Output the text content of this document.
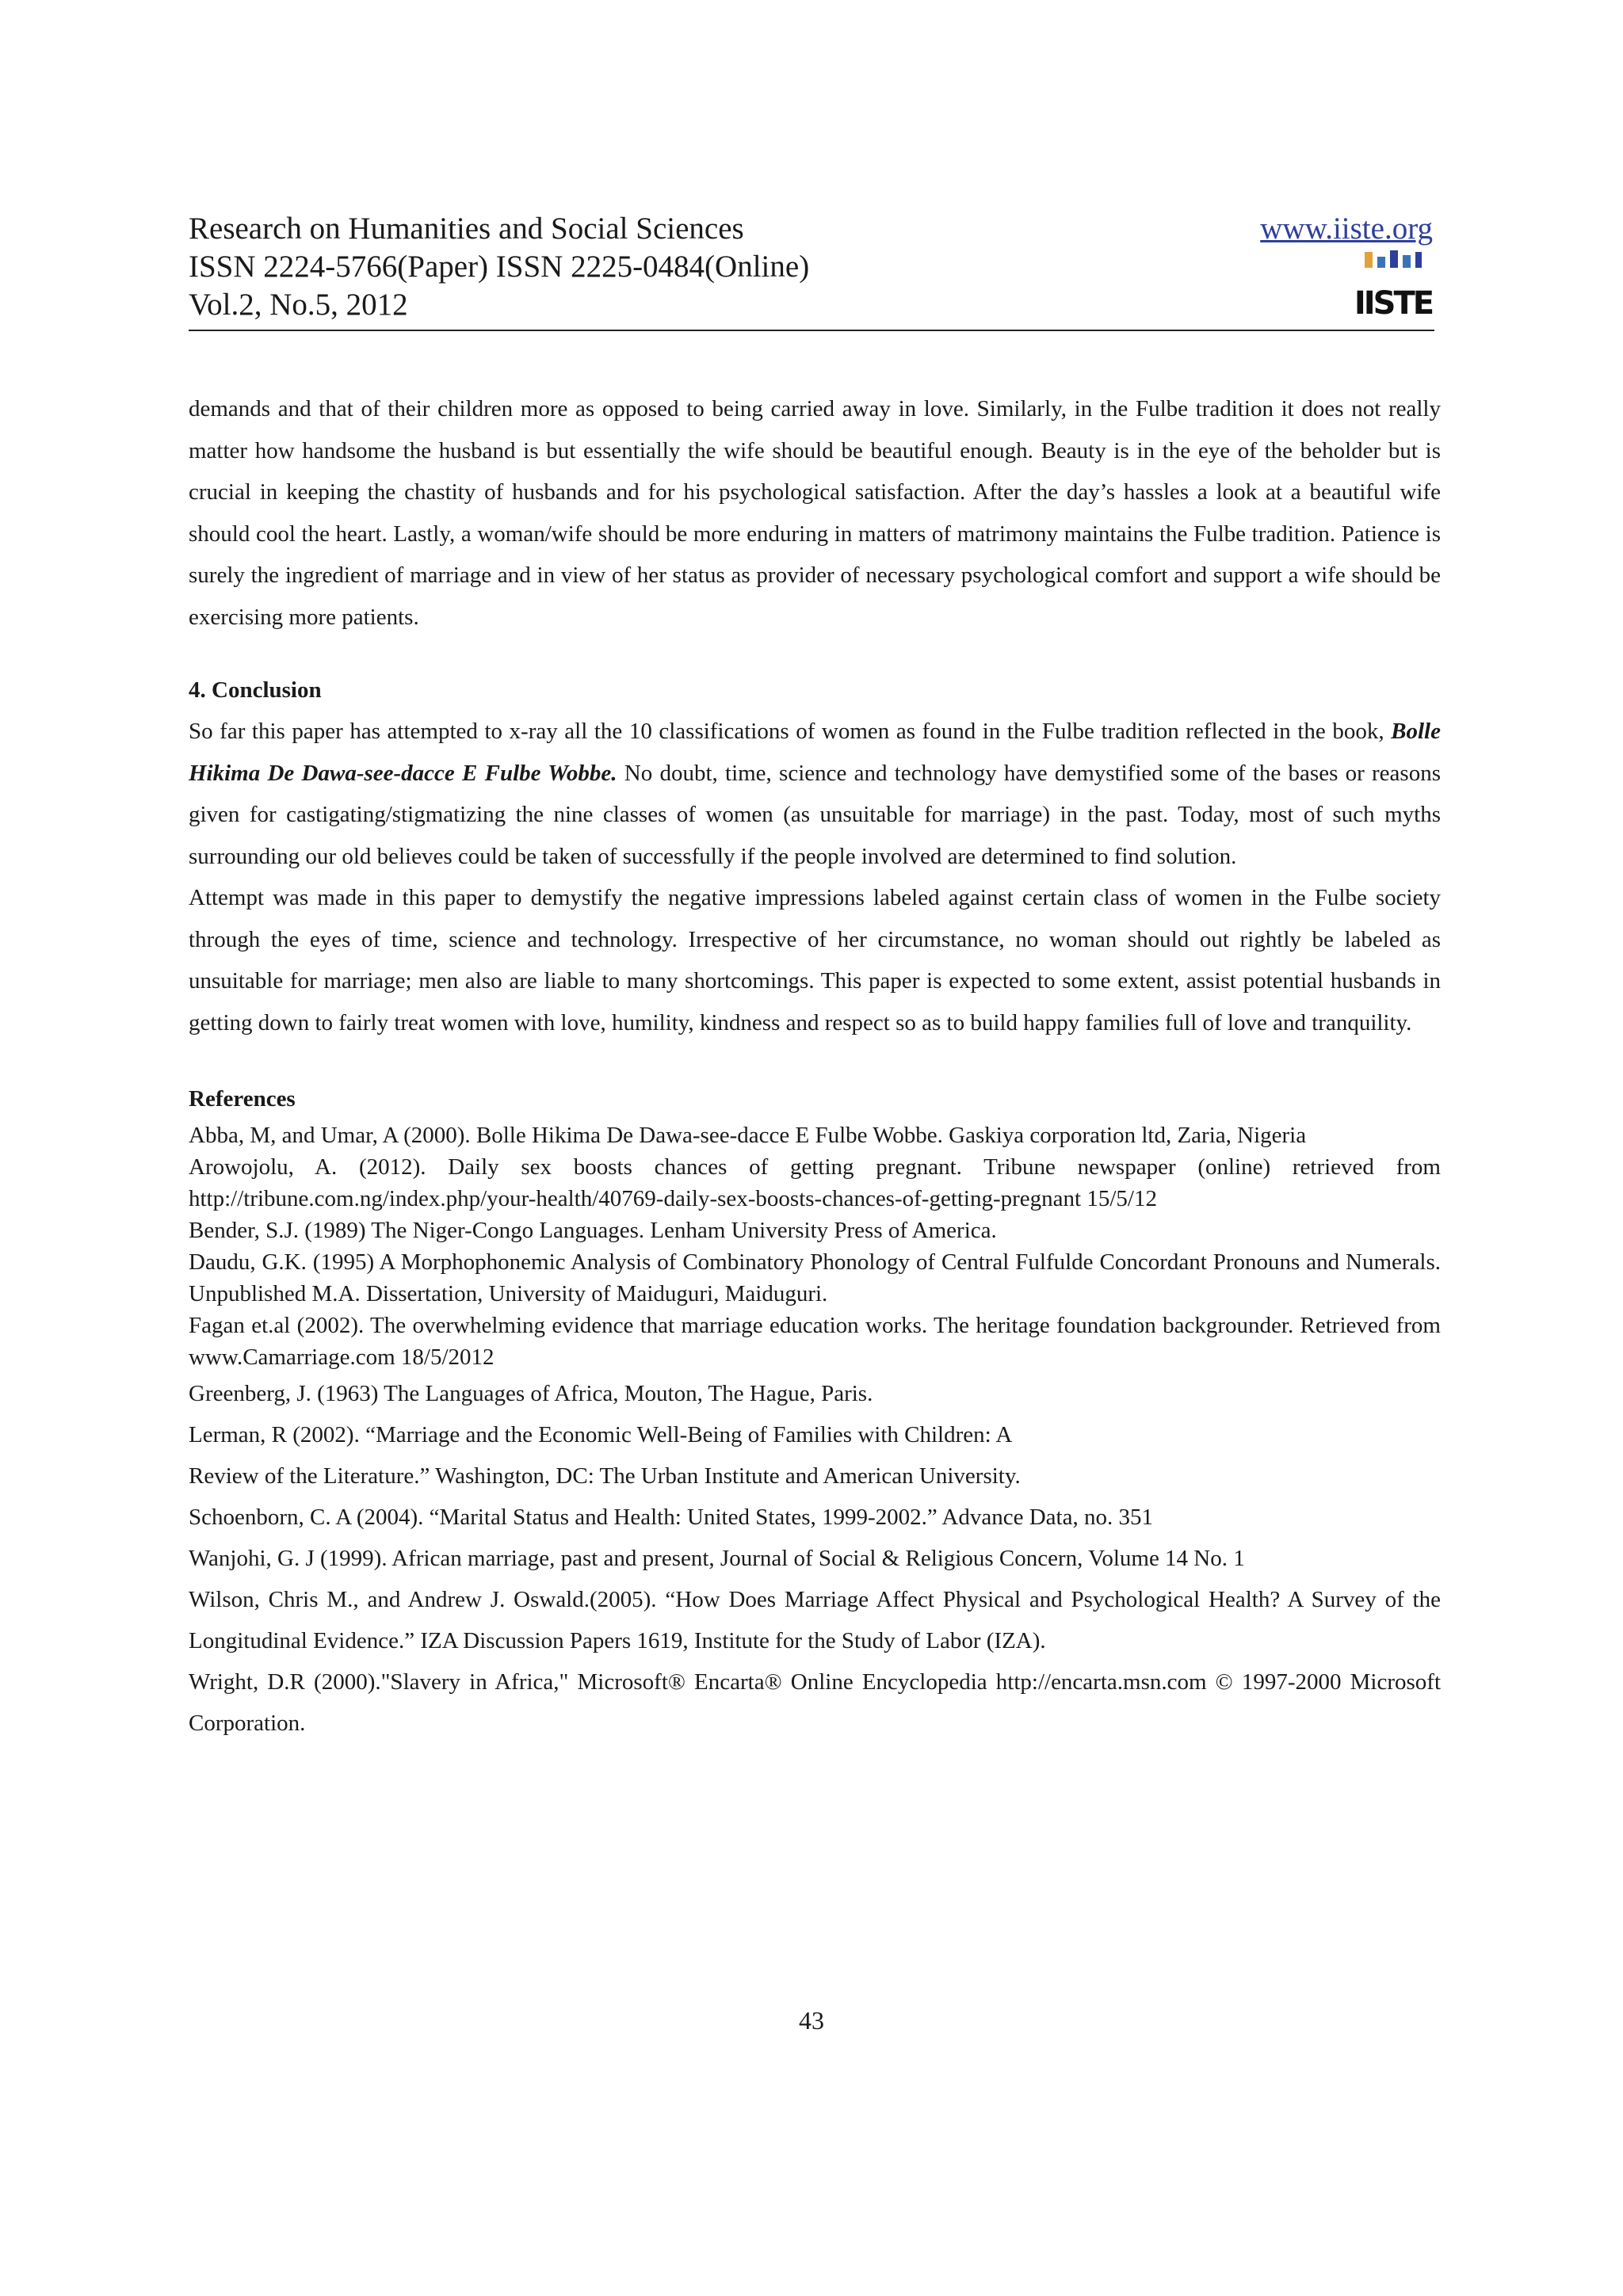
Research on Humanities and Social Sciences
ISSN 2224-5766(Paper) ISSN 2225-0484(Online)
Vol.2, No.5, 2012
www.iiste.org
IISTE

demands and that of their children more as opposed to being carried away in love. Similarly, in the Fulbe tradition it does not really matter how handsome the husband is but essentially the wife should be beautiful enough. Beauty is in the eye of the beholder but is crucial in keeping the chastity of husbands and for his psychological satisfaction. After the day’s hassles a look at a beautiful wife should cool the heart. Lastly, a woman/wife should be more enduring in matters of matrimony maintains the Fulbe tradition. Patience is surely the ingredient of marriage and in view of her status as provider of necessary psychological comfort and support a wife should be exercising more patients.

4. Conclusion

So far this paper has attempted to x-ray all the 10 classifications of women as found in the Fulbe tradition reflected in the book, Bolle Hikima De Dawa-see-dacce E Fulbe Wobbe. No doubt, time, science and technology have demystified some of the bases or reasons given for castigating/stigmatizing the nine classes of women (as unsuitable for marriage) in the past. Today, most of such myths surrounding our old believes could be taken of successfully if the people involved are determined to find solution.

Attempt was made in this paper to demystify the negative impressions labeled against certain class of women in the Fulbe society through the eyes of time, science and technology. Irrespective of her circumstance, no woman should out rightly be labeled as unsuitable for marriage; men also are liable to many shortcomings. This paper is expected to some extent, assist potential husbands in getting down to fairly treat women with love, humility, kindness and respect so as to build happy families full of love and tranquility.

References

Abba, M, and Umar, A (2000). Bolle Hikima De Dawa-see-dacce E Fulbe Wobbe. Gaskiya corporation ltd, Zaria, Nigeria

Arowojolu, A. (2012). Daily sex boosts chances of getting pregnant. Tribune newspaper (online) retrieved from http://tribune.com.ng/index.php/your-health/40769-daily-sex-boosts-chances-of-getting-pregnant 15/5/12

Bender, S.J. (1989) The Niger-Congo Languages. Lenham University Press of America.

Daudu, G.K. (1995) A Morphophonemic Analysis of Combinatory Phonology of Central Fulfulde Concordant Pronouns and Numerals. Unpublished M.A. Dissertation, University of Maiduguri, Maiduguri.

Fagan et.al (2002). The overwhelming evidence that marriage education works. The heritage foundation backgrounder. Retrieved from www.Camarriage.com 18/5/2012

Greenberg, J. (1963) The Languages of Africa, Mouton, The Hague, Paris.

Lerman, R (2002). “Marriage and the Economic Well-Being of Families with Children: A

Review of the Literature.” Washington, DC: The Urban Institute and American University.

Schoenborn, C. A (2004). “Marital Status and Health: United States, 1999-2002.” Advance Data, no. 351

Wanjohi, G. J (1999). African marriage, past and present, Journal of Social & Religious Concern, Volume 14 No. 1

Wilson, Chris M., and Andrew J. Oswald.(2005). “How Does Marriage Affect Physical and Psychological Health? A Survey of the Longitudinal Evidence.” IZA Discussion Papers 1619, Institute for the Study of Labor (IZA).

Wright, D.R (2000)."Slavery in Africa," Microsoft® Encarta® Online Encyclopedia http://encarta.msn.com © 1997-2000 Microsoft Corporation.

43
